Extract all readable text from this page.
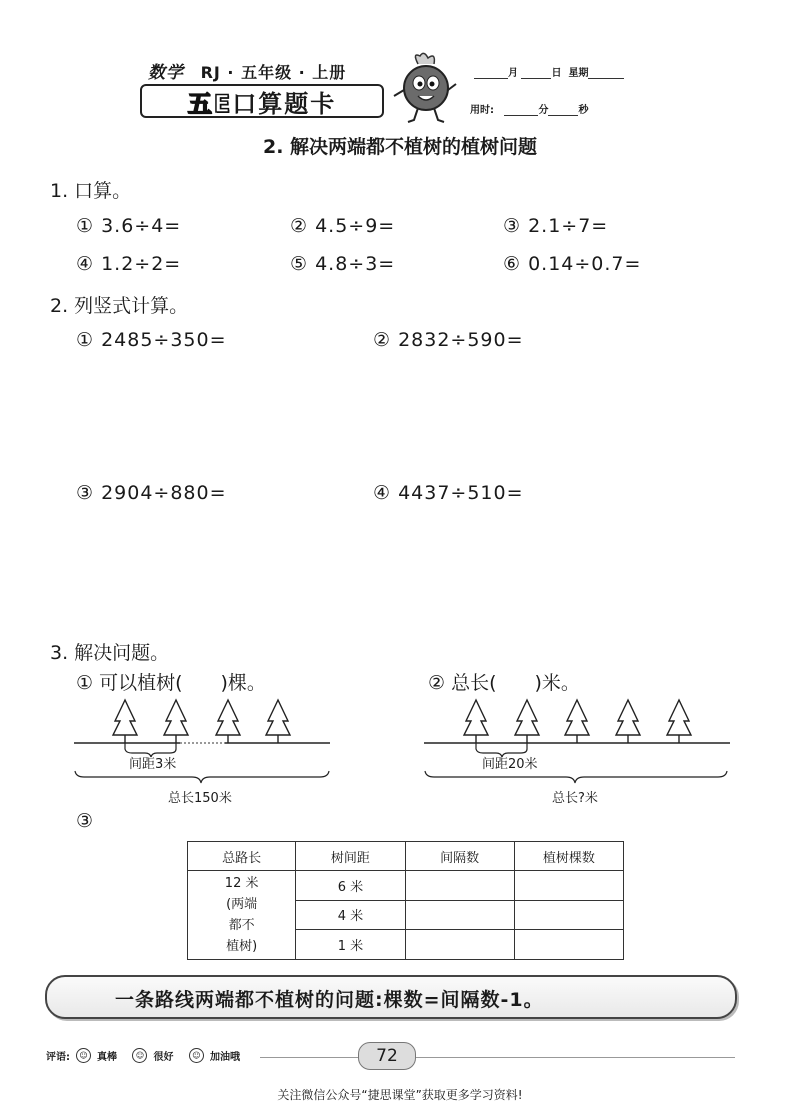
数学 RJ · 五年级 · 上册
五E 口算题卡
月	日 星期
用时:	分	秒
2. 解决两端都不植树的植树问题
1. 口算。
① 3.6÷4=	② 4.5÷9=	③ 2.1÷7=
④ 1.2÷2=	⑤ 4.8÷3=	⑥ 0.14÷0.7=
2. 列竖式计算。
① 2485÷350=	② 2832÷590=
③ 2904÷880=	④ 4437÷510=
3. 解决问题。
① 可以植树(　　)棵。	② 总长(　　)米。
间距3米
总长150米
间距20米
总长?米
③
总路长	树间距	间隔数	植树棵数

12 米
(两端
都不
植树)	6 米		
	4 米		
	1 米		
一条路线两端都不植树的问题:棵数=间隔数-1。
评语:	☺ 真棒
	☺ 很好
	☺ 加油哦	72
关注微信公众号“捷思课堂”获取更多学习资料!
